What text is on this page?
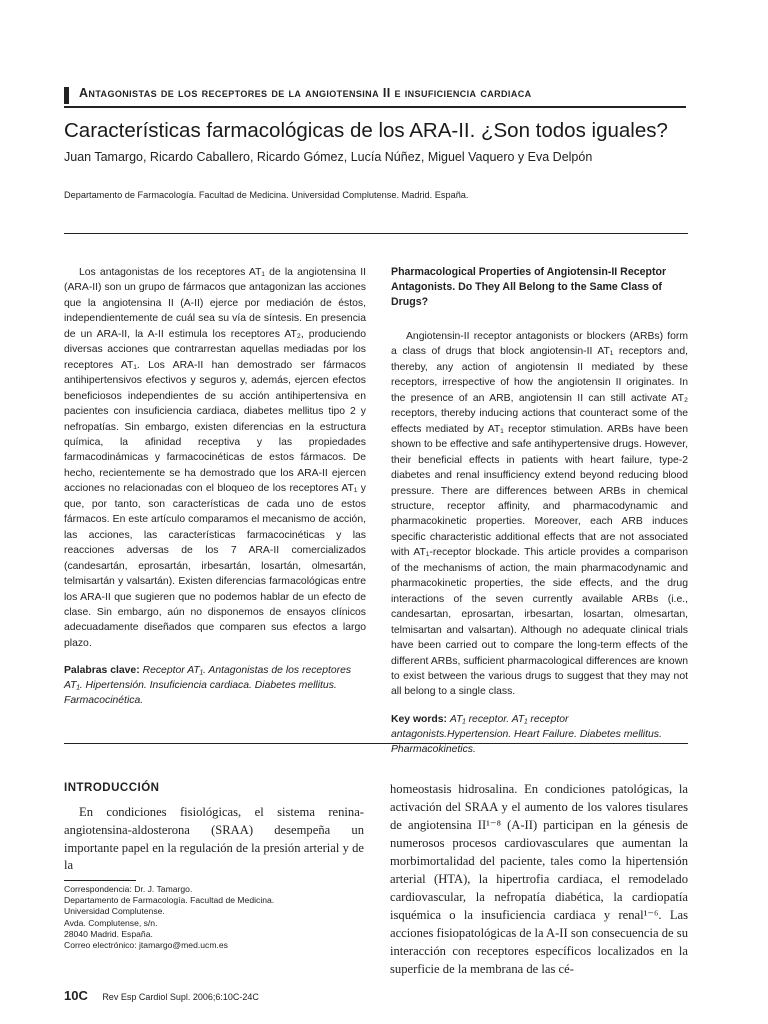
Antagonistas de los receptores de la angiotensina II e insuficiencia cardiaca
Características farmacológicas de los ARA-II. ¿Son todos iguales?
Juan Tamargo, Ricardo Caballero, Ricardo Gómez, Lucía Núñez, Miguel Vaquero y Eva Delpón
Departamento de Farmacología. Facultad de Medicina. Universidad Complutense. Madrid. España.

Los antagonistas de los receptores AT₁ de la angiotensina II (ARA-II) son un grupo de fármacos que antagonizan las acciones que la angiotensina II (A-II) ejerce por mediación de éstos, independientemente de cuál sea su vía de síntesis. En presencia de un ARA-II, la A-II estimula los receptores AT₂, produciendo diversas acciones que contrarrestan aquellas mediadas por los receptores AT₁. Los ARA-II han demostrado ser fármacos antihipertensivos efectivos y seguros y, además, ejercen efectos beneficiosos independientes de su acción antihipertensiva en pacientes con insuficiencia cardiaca, diabetes mellitus tipo 2 y nefropatías. Sin embargo, existen diferencias en la estructura química, la afinidad receptiva y las propiedades farmacodinámicas y farmacocinéticas de estos fármacos. De hecho, recientemente se ha demostrado que los ARA-II ejercen acciones no relacionadas con el bloqueo de los receptores AT₁ y que, por tanto, son características de cada uno de estos fármacos. En este artículo comparamos el mecanismo de acción, las acciones, las características farmacocinéticas y las reacciones adversas de los 7 ARA-II comercializados (candesartán, eprosartán, irbesartán, losartán, olmesartán, telmisartán y valsartán). Existen diferencias farmacológicas entre los ARA-II que sugieren que no podemos hablar de un efecto de clase. Sin embargo, aún no disponemos de ensayos clínicos adecuadamente diseñados que comparen sus efectos a largo plazo.

Palabras clave: Receptor AT₁. Antagonistas de los receptores AT₁. Hipertensión. Insuficiencia cardiaca. Diabetes mellitus. Farmacocinética.

Pharmacological Properties of Angiotensin-II Receptor Antagonists. Do They All Belong to the Same Class of Drugs?

Angiotensin-II receptor antagonists or blockers (ARBs) form a class of drugs that block angiotensin-II AT₁ receptors and, thereby, any action of angiotensin II mediated by these receptors, irrespective of how the angiotensin II originates. In the presence of an ARB, angiotensin II can still activate AT₂ receptors, thereby inducing actions that counteract some of the effects mediated by AT₁ receptor stimulation. ARBs have been shown to be effective and safe antihypertensive drugs. However, their beneficial effects in patients with heart failure, type-2 diabetes and renal insufficiency extend beyond reducing blood pressure. There are differences between ARBs in chemical structure, receptor affinity, and pharmacodynamic and pharmacokinetic properties. Moreover, each ARB induces specific characteristic additional effects that are not associated with AT₁-receptor blockade. This article provides a comparison of the mechanisms of action, the main pharmacodynamic and pharmacokinetic properties, the side effects, and the drug interactions of the seven currently available ARBs (i.e., candesartan, eprosartan, irbesartan, losartan, olmesartan, telmisartan and valsartan). Although no adequate clinical trials have been carried out to compare the long-term effects of the different ARBs, sufficient pharmacological differences are known to exist between the various drugs to suggest that they may not all belong to a single class.

Key words: AT₁ receptor. AT₁ receptor antagonists.Hypertension. Heart Failure. Diabetes mellitus. Pharmacokinetics.

INTRODUCCIÓN

En condiciones fisiológicas, el sistema renina-angiotensina-aldosterona (SRAA) desempeña un importante papel en la regulación de la presión arterial y de la

homeostasis hidrosalina. En condiciones patológicas, la activación del SRAA y el aumento de los valores tisulares de angiotensina II¹⁻⁸ (A-II) participan en la génesis de numerosos procesos cardiovasculares que aumentan la morbimortalidad del paciente, tales como la hipertensión arterial (HTA), la hipertrofia cardiaca, el remodelado cardiovascular, la nefropatía diabética, la cardiopatía isquémica o la insuficiencia cardiaca y renal¹⁻⁶. Las acciones fisiopatológicas de la A-II son consecuencia de su interacción con receptores específicos localizados en la superficie de la membrana de las cé-

Correspondencia: Dr. J. Tamargo.
Departamento de Farmacología. Facultad de Medicina.
Universidad Complutense.
Avda. Complutense, s/n.
28040 Madrid. España.
Correo electrónico: jtamargo@med.ucm.es
10C Rev Esp Cardiol Supl. 2006;6:10C-24C
